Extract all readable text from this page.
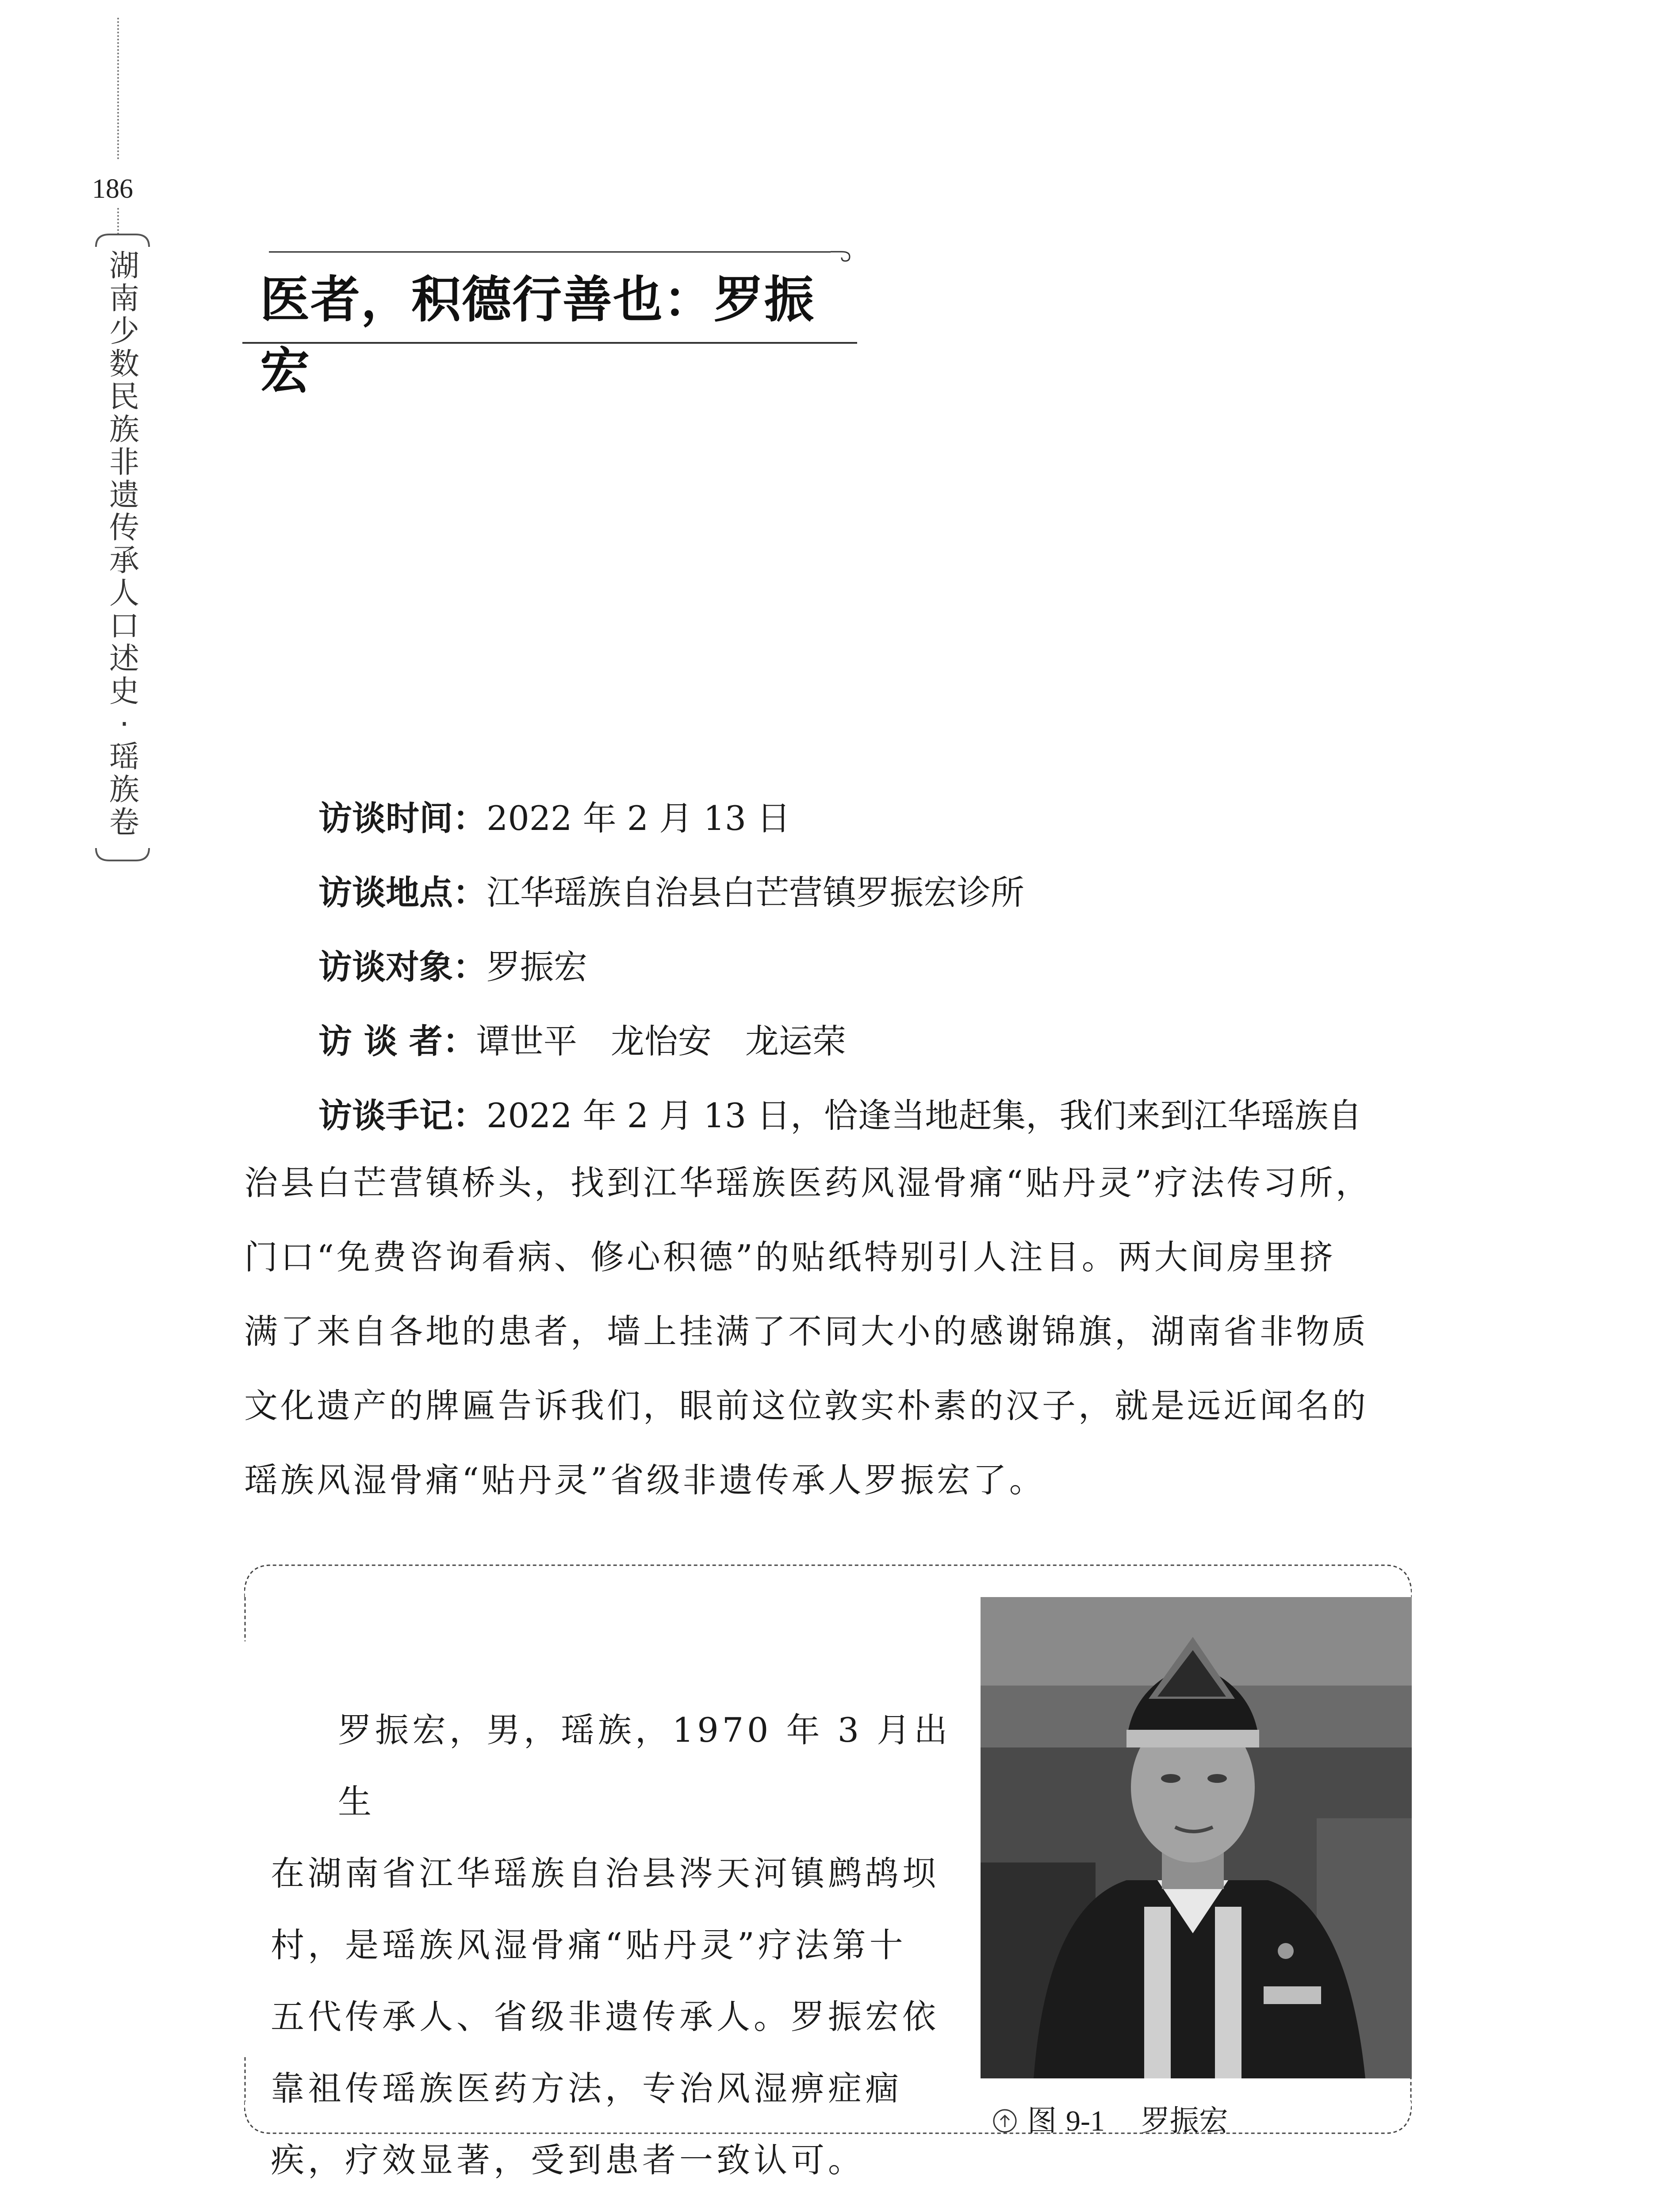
186
湖
南
少
数
民
族
非
遗
传
承
人
口
述
史
·
瑶
族
卷
医者，积德行善也：罗振宏
访谈时间：2022 年 2 月 13 日
访谈地点：江华瑶族自治县白芒营镇罗振宏诊所
访谈对象：罗振宏
访 谈 者：谭世平　龙怡安　龙运荣
访谈手记：2022 年 2 月 13 日，恰逢当地赶集，我们来到江华瑶族自
治县白芒营镇桥头，找到江华瑶族医药风湿骨痛“贴丹灵”疗法传习所，
门口“免费咨询看病、修心积德”的贴纸特别引人注目。两大间房里挤
满了来自各地的患者，墙上挂满了不同大小的感谢锦旗，湖南省非物质
文化遗产的牌匾告诉我们，眼前这位敦实朴素的汉子，就是远近闻名的
瑶族风湿骨痛“贴丹灵”省级非遗传承人罗振宏了。
罗振宏，男，瑶族，1970 年 3 月出生
在湖南省江华瑶族自治县涔天河镇鹧鸪坝
村，是瑶族风湿骨痛“贴丹灵”疗法第十
五代传承人、省级非遗传承人。罗振宏依
靠祖传瑶族医药方法，专治风湿痹症痼
疾，疗效显著，受到患者一致认可。
图 9-1 罗振宏
